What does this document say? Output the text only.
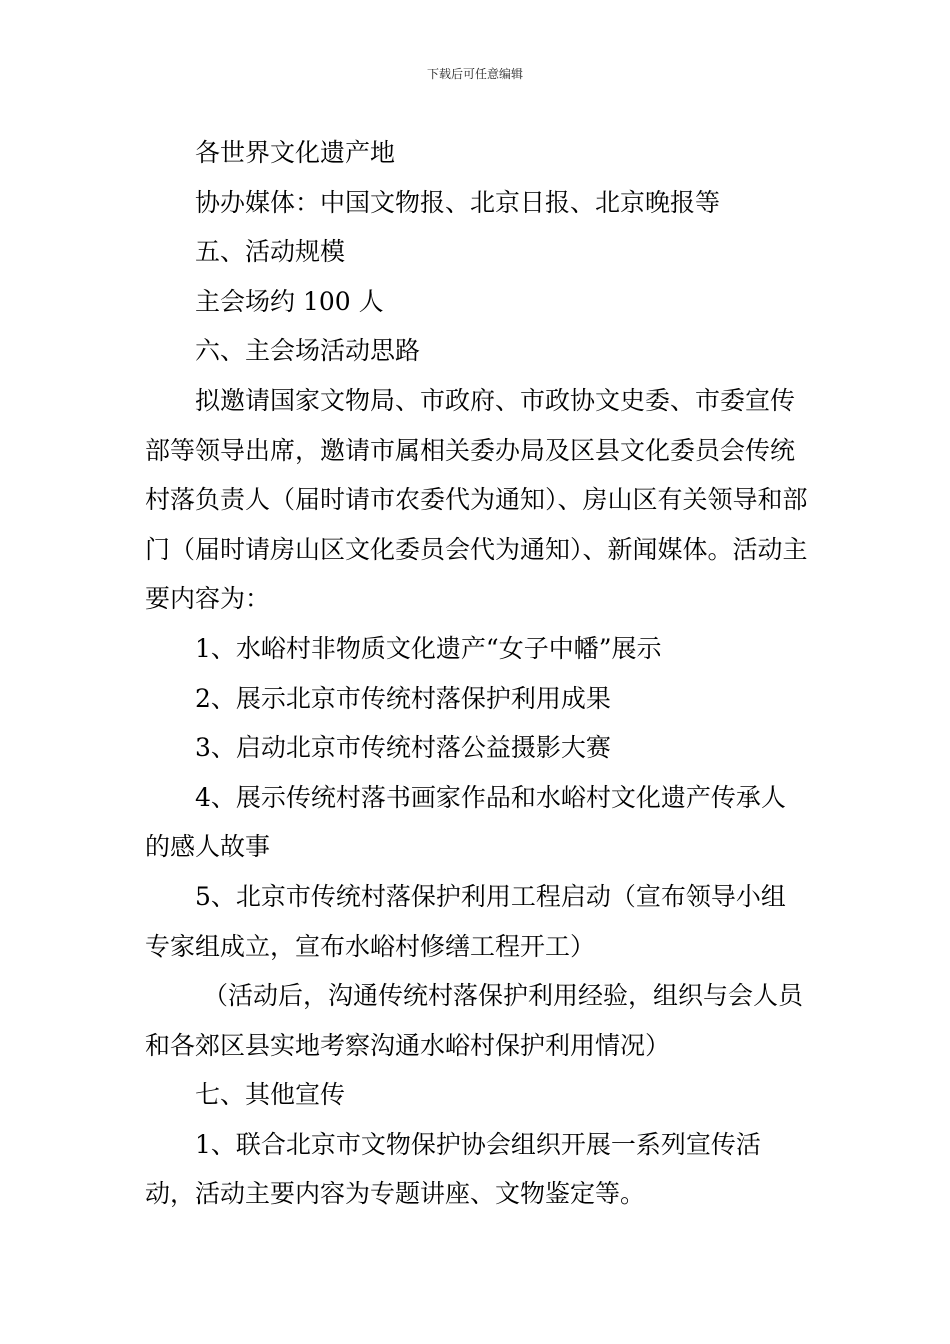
下载后可任意编辑

各世界文化遗产地

协办媒体：中国文物报、北京日报、北京晚报等

五、活动规模

主会场约 100 人

六、主会场活动思路

拟邀请国家文物局、市政府、市政协文史委、市委宣传部等领导出席，邀请市属相关委办局及区县文化委员会传统村落负责人（届时请市农委代为通知）、房山区有关领导和部门（届时请房山区文化委员会代为通知）、新闻媒体。活动主要内容为：

1、水峪村非物质文化遗产“女子中幡”展示

2、展示北京市传统村落保护利用成果

3、启动北京市传统村落公益摄影大赛

4、展示传统村落书画家作品和水峪村文化遗产传承人的感人故事

5、北京市传统村落保护利用工程启动（宣布领导小组专家组成立，宣布水峪村修缮工程开工）

（活动后，沟通传统村落保护利用经验，组织与会人员和各郊区县实地考察沟通水峪村保护利用情况）

七、其他宣传

1、联合北京市文物保护协会组织开展一系列宣传活动，活动主要内容为专题讲座、文物鉴定等。
